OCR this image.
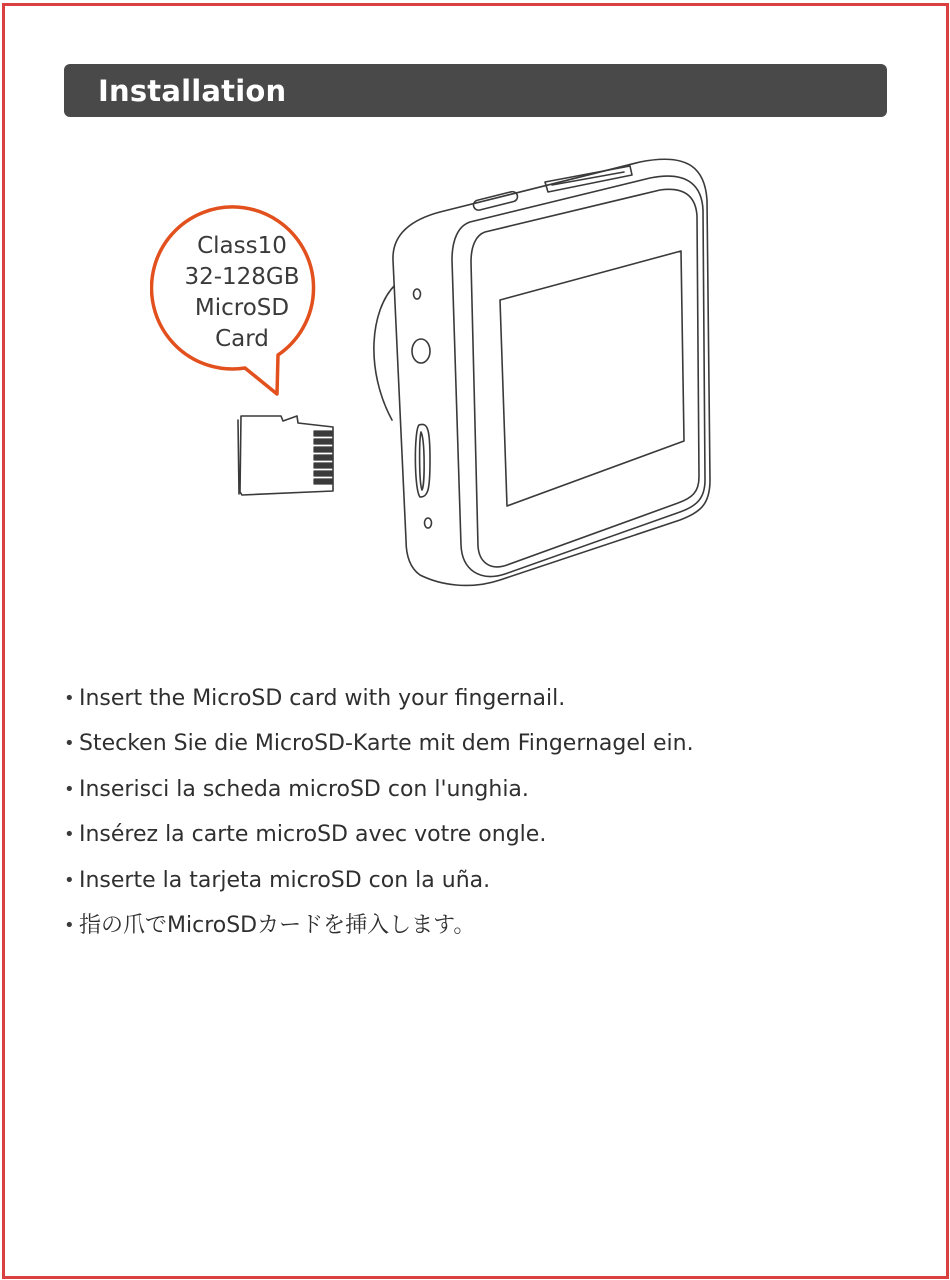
Installation
Class10
32-128GB
MicroSD
Card
• Insert the MicroSD card with your fingernail.
• Stecken Sie die MicroSD-Karte mit dem Fingernagel ein.
• Inserisci la scheda microSD con l'unghia.
• Insérez la carte microSD avec votre ongle.
• Inserte la tarjeta microSD con la uña.
• 指の爪でMicroSDカードを挿入します。
